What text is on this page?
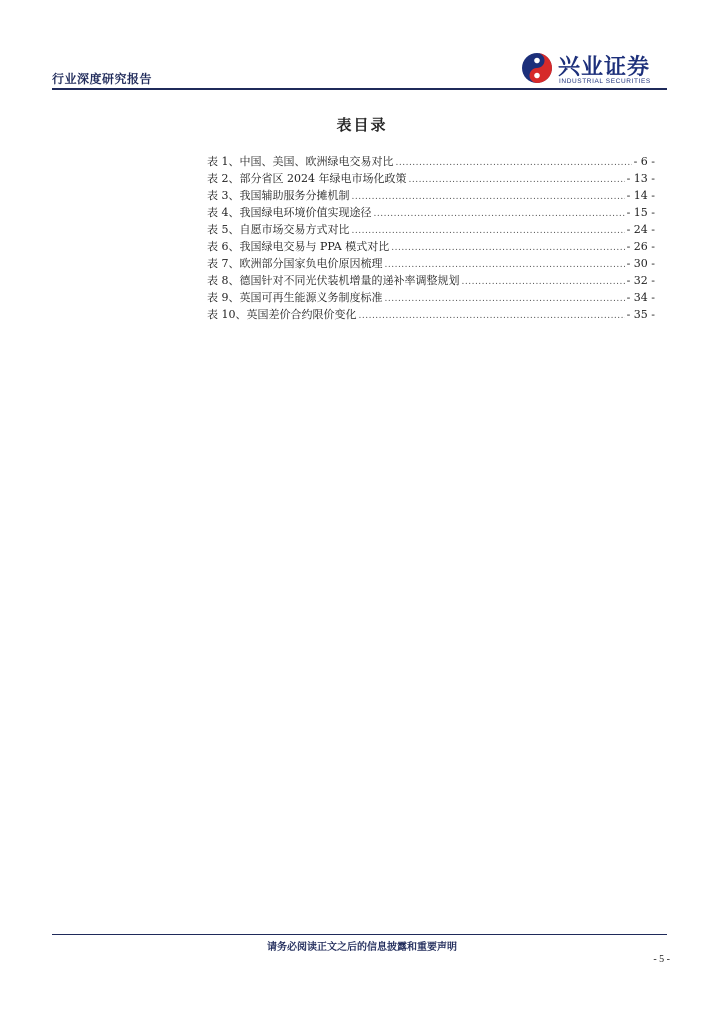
行业深度研究报告	兴业证券
INDUSTRIAL SECURITIES
表目录
表 1、中国、美国、欧洲绿电交易对比 .....	- 6 -
表 2、部分省区 2024 年绿电市场化政策 .....	- 13 -
表 3、我国辅助服务分摊机制 .....	- 14 -
表 4、我国绿电环境价值实现途径 .....	- 15 -
表 5、自愿市场交易方式对比 .....	- 24 -
表 6、我国绿电交易与 PPA 模式对比 .....	- 26 -
表 7、欧洲部分国家负电价原因梳理 .....	- 30 -
表 8、德国针对不同光伏装机增量的递补率调整规划 .....	- 32 -
表 9、英国可再生能源义务制度标准 .....	- 34 -
表 10、英国差价合约限价变化 .....	- 35 -
请务必阅读正文之后的信息披露和重要声明
- 5 -
